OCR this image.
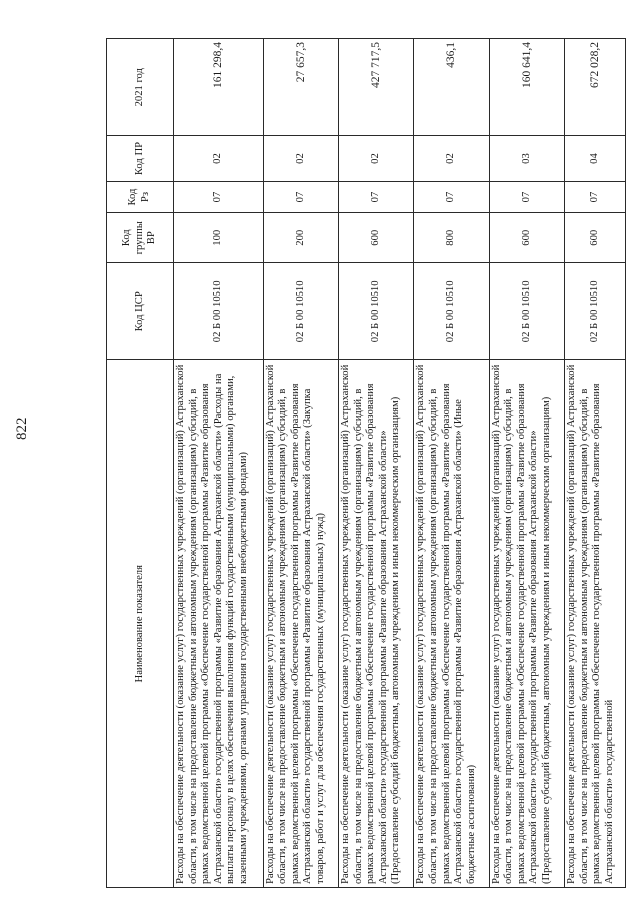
822
Наименование показателя	Код ЦСР	Код группы ВР	Код Рз	Код ПР	2021 год
Расходы на обеспечение деятельности (оказание услуг) государственных учреждений (организаций) Астраханской области, в том числе на предоставление бюджетным и автономным учреждениям (организациям) субсидий, в рамках ведомственной целевой программы «Обеспечение государственной программы «Развитие образования Астраханской области» государственной программы «Развитие образования Астраханской области» (Расходы на выплаты персоналу в целях обеспечения выполнения функций государственными (муниципальными) органами, казенными учреждениями, органами управления государственными внебюджетными фондами)	02 Б 00 10510	100	07	02	161 298,4
Расходы на обеспечение деятельности (оказание услуг) государственных учреждений (организаций) Астраханской области, в том числе на предоставление бюджетным и автономным учреждениям (организациям) субсидий, в рамках ведомственной целевой программы «Обеспечение государственной программы «Развитие образования Астраханской области» государственной программы «Развитие образования Астраханской области» (Закупка товаров, работ и услуг для обеспечения государственных (муниципальных) нужд)	02 Б 00 10510	200	07	02	27 657,3
Расходы на обеспечение деятельности (оказание услуг) государственных учреждений (организаций) Астраханской области, в том числе на предоставление бюджетным и автономным учреждениям (организациям) субсидий, в рамках ведомственной целевой программы «Обеспечение государственной программы «Развитие образования Астраханской области» государственной программы «Развитие образования Астраханской области» (Предоставление субсидий бюджетным, автономным учреждениям и иным некоммерческим организациям)	02 Б 00 10510	600	07	02	427 717,5
Расходы на обеспечение деятельности (оказание услуг) государственных учреждений (организаций) Астраханской области, в том числе на предоставление бюджетным и автономным учреждениям (организациям) субсидий, в рамках ведомственной целевой программы «Обеспечение государственной программы «Развитие образования Астраханской области» государственной программы «Развитие образования Астраханской области» (Иные бюджетные ассигнования)	02 Б 00 10510	800	07	02	436,1
Расходы на обеспечение деятельности (оказание услуг) государственных учреждений (организаций) Астраханской области, в том числе на предоставление бюджетным и автономным учреждениям (организациям) субсидий, в рамках ведомственной целевой программы «Обеспечение государственной программы «Развитие образования Астраханской области» государственной программы «Развитие образования Астраханской области» (Предоставление субсидий бюджетным, автономным учреждениям и иным некоммерческим организациям)	02 Б 00 10510	600	07	03	160 641,4
Расходы на обеспечение деятельности (оказание услуг) государственных учреждений (организаций) Астраханской области, в том числе на предоставление бюджетным и автономным учреждениям (организациям) субсидий, в рамках ведомственной целевой программы «Обеспечение государственной программы «Развитие образования Астраханской области» государственной	02 Б 00 10510	600	07	04	672 028,2
